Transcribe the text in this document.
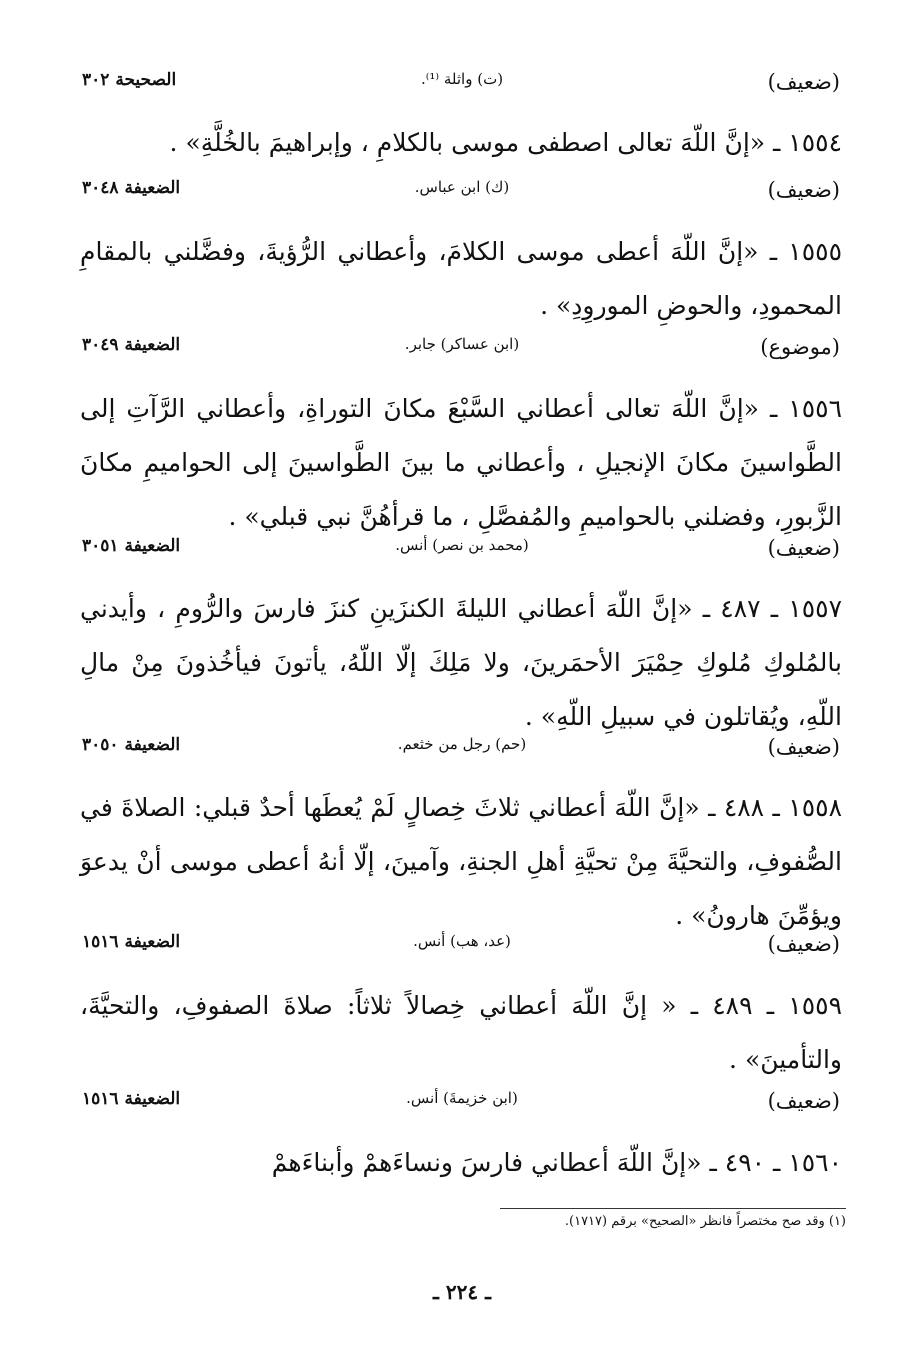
الصحيحة ٣٠٢	(ت) واثلة ⁽¹⁾.	(ضعيف)
١٥٥٤ ـ «إنَّ اللّهَ تعالى اصطفى موسى بالكلامِ ، وإبراهيمَ بالخُلَّةِ» .
الضعيفة ٣٠٤٨	(ك) ابن عباس.	(ضعيف)
١٥٥٥ ـ «إنَّ اللّهَ أعطى موسى الكلامَ، وأعطاني الرُّؤيةَ، وفضَّلني بالمقامِ المحمودِ، والحوضِ الموروِدِ» .
الضعيفة ٣٠٤٩	(ابن عساكر) جابر.	(موضوع)
١٥٥٦ ـ «إنَّ اللّهَ تعالى أعطاني السَّبْعَ مكانَ التوراةِ، وأعطاني الرَّآتِ إلى الطَّواسينَ مكانَ الإنجيلِ ، وأعطاني ما بينَ الطَّواسينَ إلى الحواميمِ مكانَ الزَّبورِ، وفضلني بالحواميمِ والمُفصَّلِ ، ما قرأهُنَّ نبي قبلي» .
الضعيفة ٣٠٥١	(محمد بن نصر) أنس.	(ضعيف)
١٥٥٧ ـ ٤٨٧ ـ «إنَّ اللّهَ أعطاني الليلةَ الكنزَينِ كنزَ فارسَ والرُّومِ ، وأيدني بالمُلوكِ مُلوكِ حِمْيَرَ الأحمَرينَ، ولا مَلِكَ إلّا اللّهُ، يأتونَ فيأخُذونَ مِنْ مالِ اللّهِ، ويُقاتلون في سبيلِ اللّهِ» .
الضعيفة ٣٠٥٠	(حم) رجل من خثعم.	(ضعيف)
١٥٥٨ ـ ٤٨٨ ـ «إنَّ اللّهَ أعطاني ثلاثَ خِصالٍ لَمْ يُعطَها أحدٌ قبلي: الصلاةَ في الصُّفوفِ، والتحيَّةَ مِنْ تحيَّةِ أهلِ الجنةِ، وآمينَ، إلّا أنهُ أعطى موسى أنْ يدعوَ ويؤمِّنَ هارونُ» .
الضعيفة ١٥١٦	(عد، هب) أنس.	(ضعيف)
١٥٥٩ ـ ٤٨٩ ـ « إنَّ اللّهَ أعطاني خِصالاً ثلاثاً: صلاةَ الصفوفِ، والتحيَّةَ، والتأمينَ» .
الضعيفة ١٥١٦	(ابن خزيمةَ) أنس.	(ضعيف)
١٥٦٠ ـ ٤٩٠ ـ «إنَّ اللّهَ أعطاني فارسَ ونساءَهمْ وأبناءَهمْ
(١) وقد صح مختصراً فانظر «الصحيح» برقم (١٧١٧).
ـ ٢٢٤ ـ
